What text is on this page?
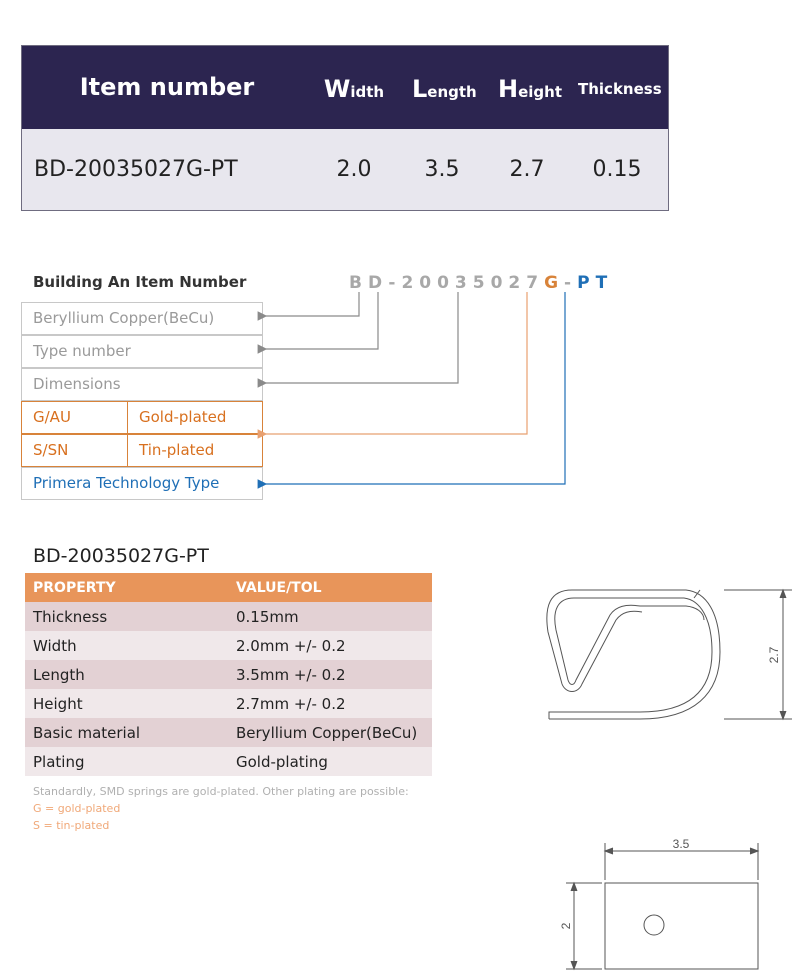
Item number	Width Length Height Thickness
BD-20035027G-PT	2.0	3.5	2.7	0.15
Building An Item Number	BD-20035027G-PT
Beryllium Copper(BeCu)
Type number
Dimensions
G/AU	Gold-plated
S/SN	Tin-plated
Primera Technology Type
BD-20035027G-PT
PROPERTY	VALUE/TOL
Thickness	0.15mm
Width	2.0mm +/- 0.2
Length	3.5mm +/- 0.2
Height	2.7mm +/- 0.2
Basic material	Beryllium Copper(BeCu)
Plating	Gold-plating
Standardly, SMD springs are gold-plated. Other plating are possible:
G = gold-plated
S = tin-plated
2.7
3.5
2
